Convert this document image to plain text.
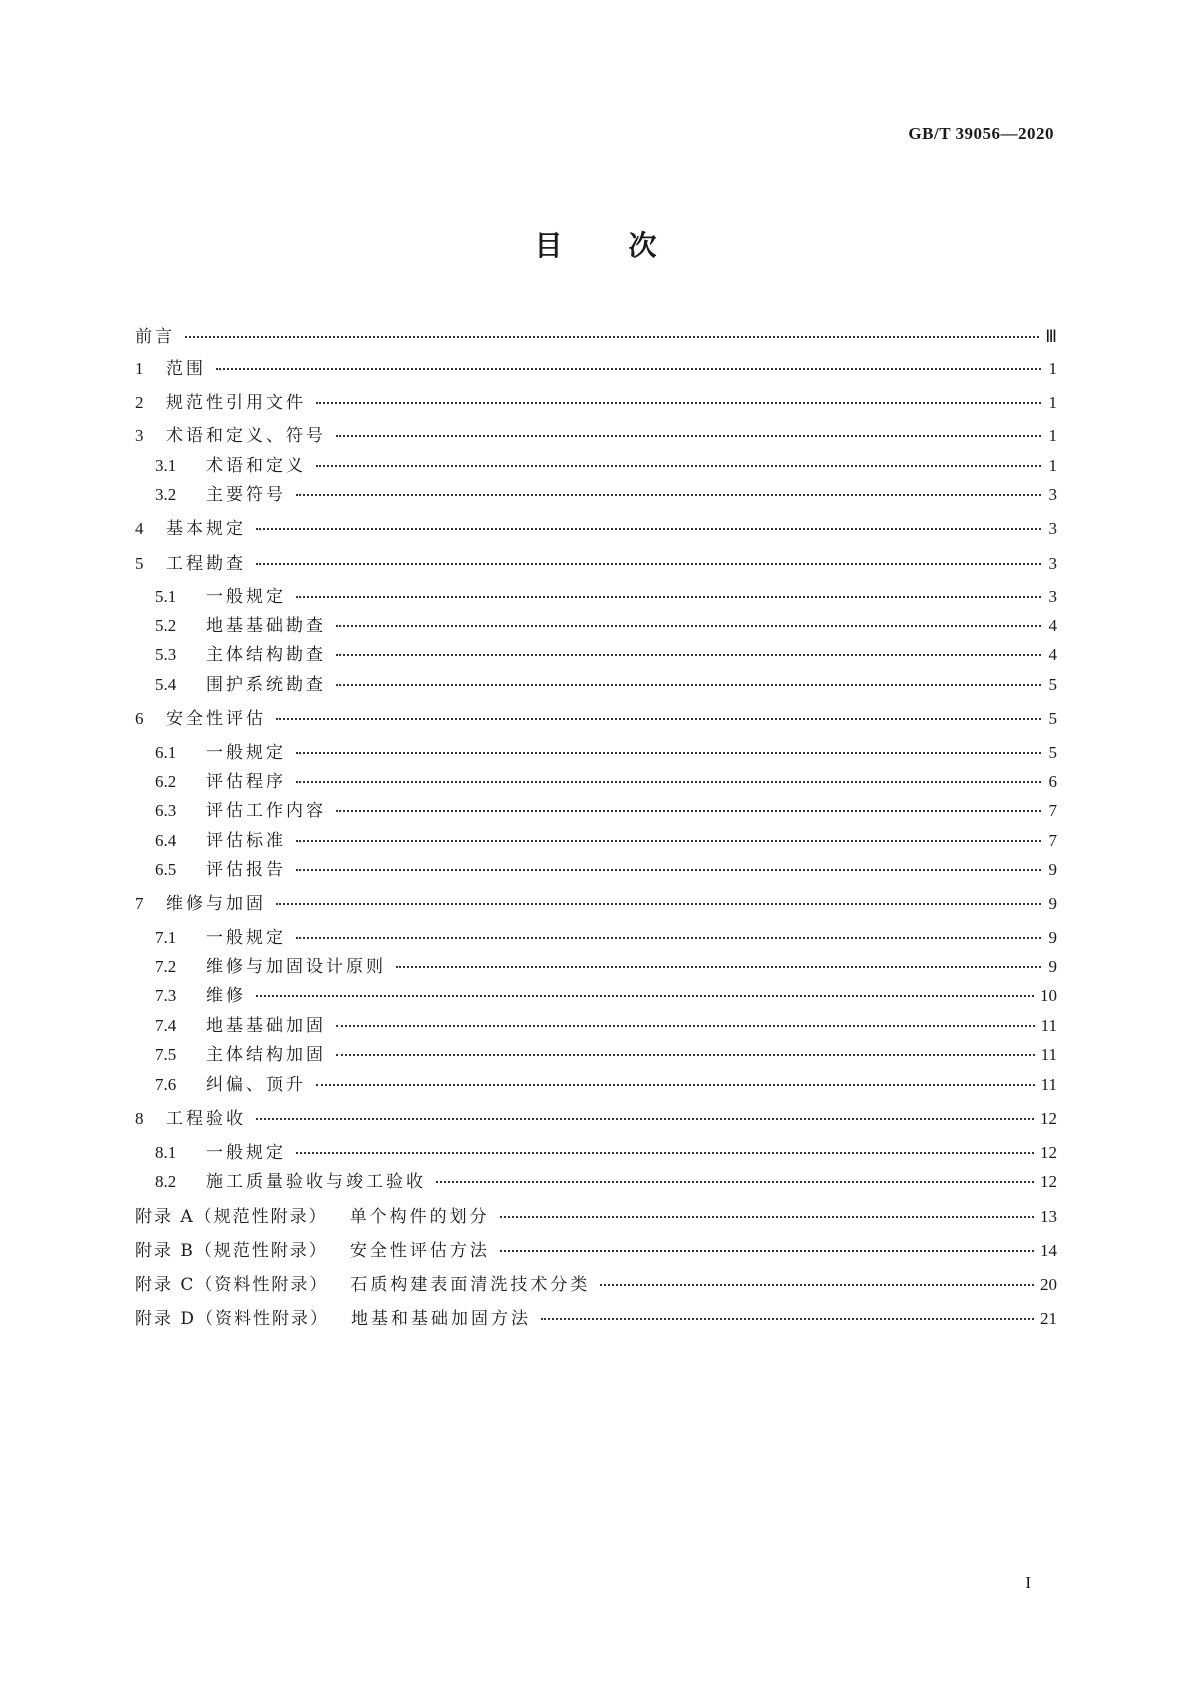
GB/T 39056—2020
目 次
前言	Ⅲ
1	范围	1
2	规范性引用文件	1
3	术语和定义、符号	1
3.1	术语和定义	1
3.2	主要符号	3
4	基本规定	3
5	工程勘查	3
5.1	一般规定	3
5.2	地基基础勘查	4
5.3	主体结构勘查	4
5.4	围护系统勘查	5
6	安全性评估	5
6.1	一般规定	5
6.2	评估程序	6
6.3	评估工作内容	7
6.4	评估标准	7
6.5	评估报告	9
7	维修与加固	9
7.1	一般规定	9
7.2	维修与加固设计原则	9
7.3	维修	10
7.4	地基基础加固	11
7.5	主体结构加固	11
7.6	纠偏、顶升	11
8	工程验收	12
8.1	一般规定	12
8.2	施工质量验收与竣工验收	12
附录 A（规范性附录） 单个构件的划分	13
附录 B（规范性附录） 安全性评估方法	14
附录 C（资料性附录） 石质构建表面清洗技术分类	20
附录 D（资料性附录） 地基和基础加固方法	21
I
